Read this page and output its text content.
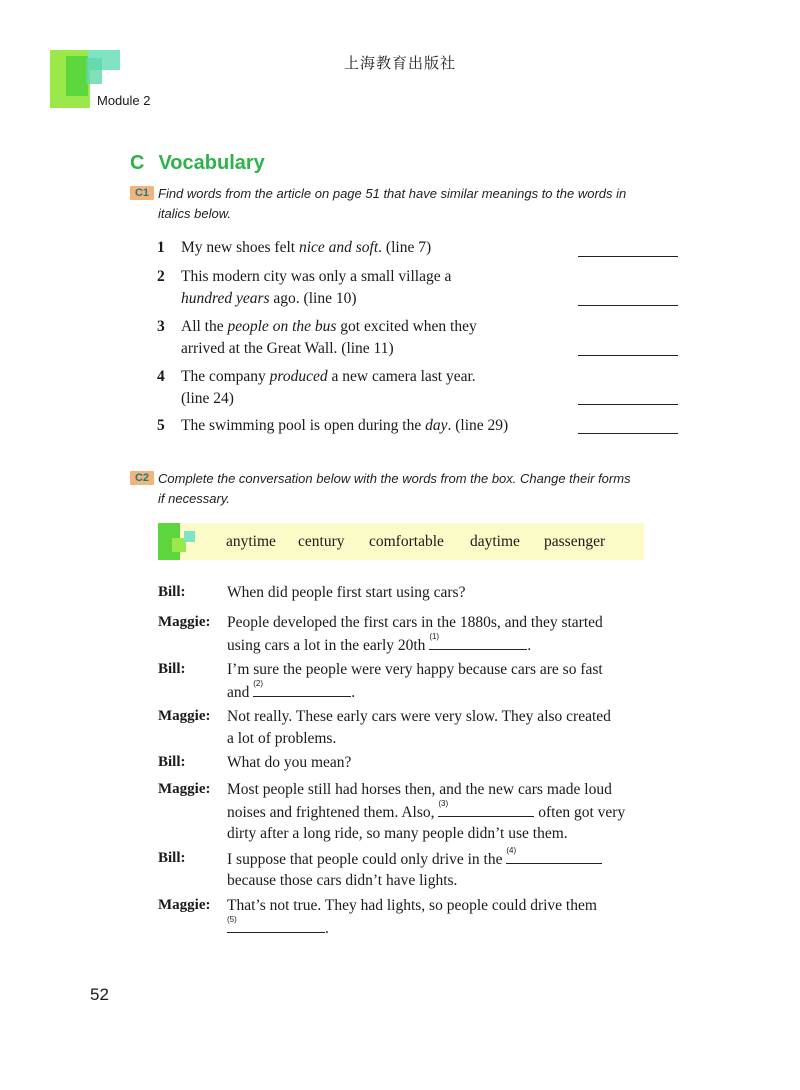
上海教育出版社
Module 2
C Vocabulary
C1 Find words from the article on page 51 that have similar meanings to the words in
italics below.
1	My new shoes felt nice and soft. (line 7)
2	This modern city was only a small village a
hundred years ago. (line 10)
3	All the people on the bus got excited when they
arrived at the Great Wall. (line 11)
4	The company produced a new camera last year.
(line 24)
5	The swimming pool is open during the day. (line 29)
C2 Complete the conversation below with the words from the box. Change their forms
if necessary.
anytime century comfortable daytime passenger
Bill:	When did people first start using cars?
Maggie: People developed the first cars in the 1880s, and they started
using cars a lot in the early 20th
(1)
.
Bill:	I’m sure the people were very happy because cars are so fast
and
(2)
.
Maggie: Not really. These early cars were very slow. They also created
a lot of problems.
Bill:	What do you mean?
Maggie: Most people still had horses then, and the new cars made loud
noises and frightened them. Also,
(3)
often got very
dirty after a long ride, so many people didn’t use them.
Bill:	I suppose that people could only drive in the
(4)
because those cars didn’t have lights.
Maggie: That’s not true. They had lights, so people could drive them
(5)
.
52
